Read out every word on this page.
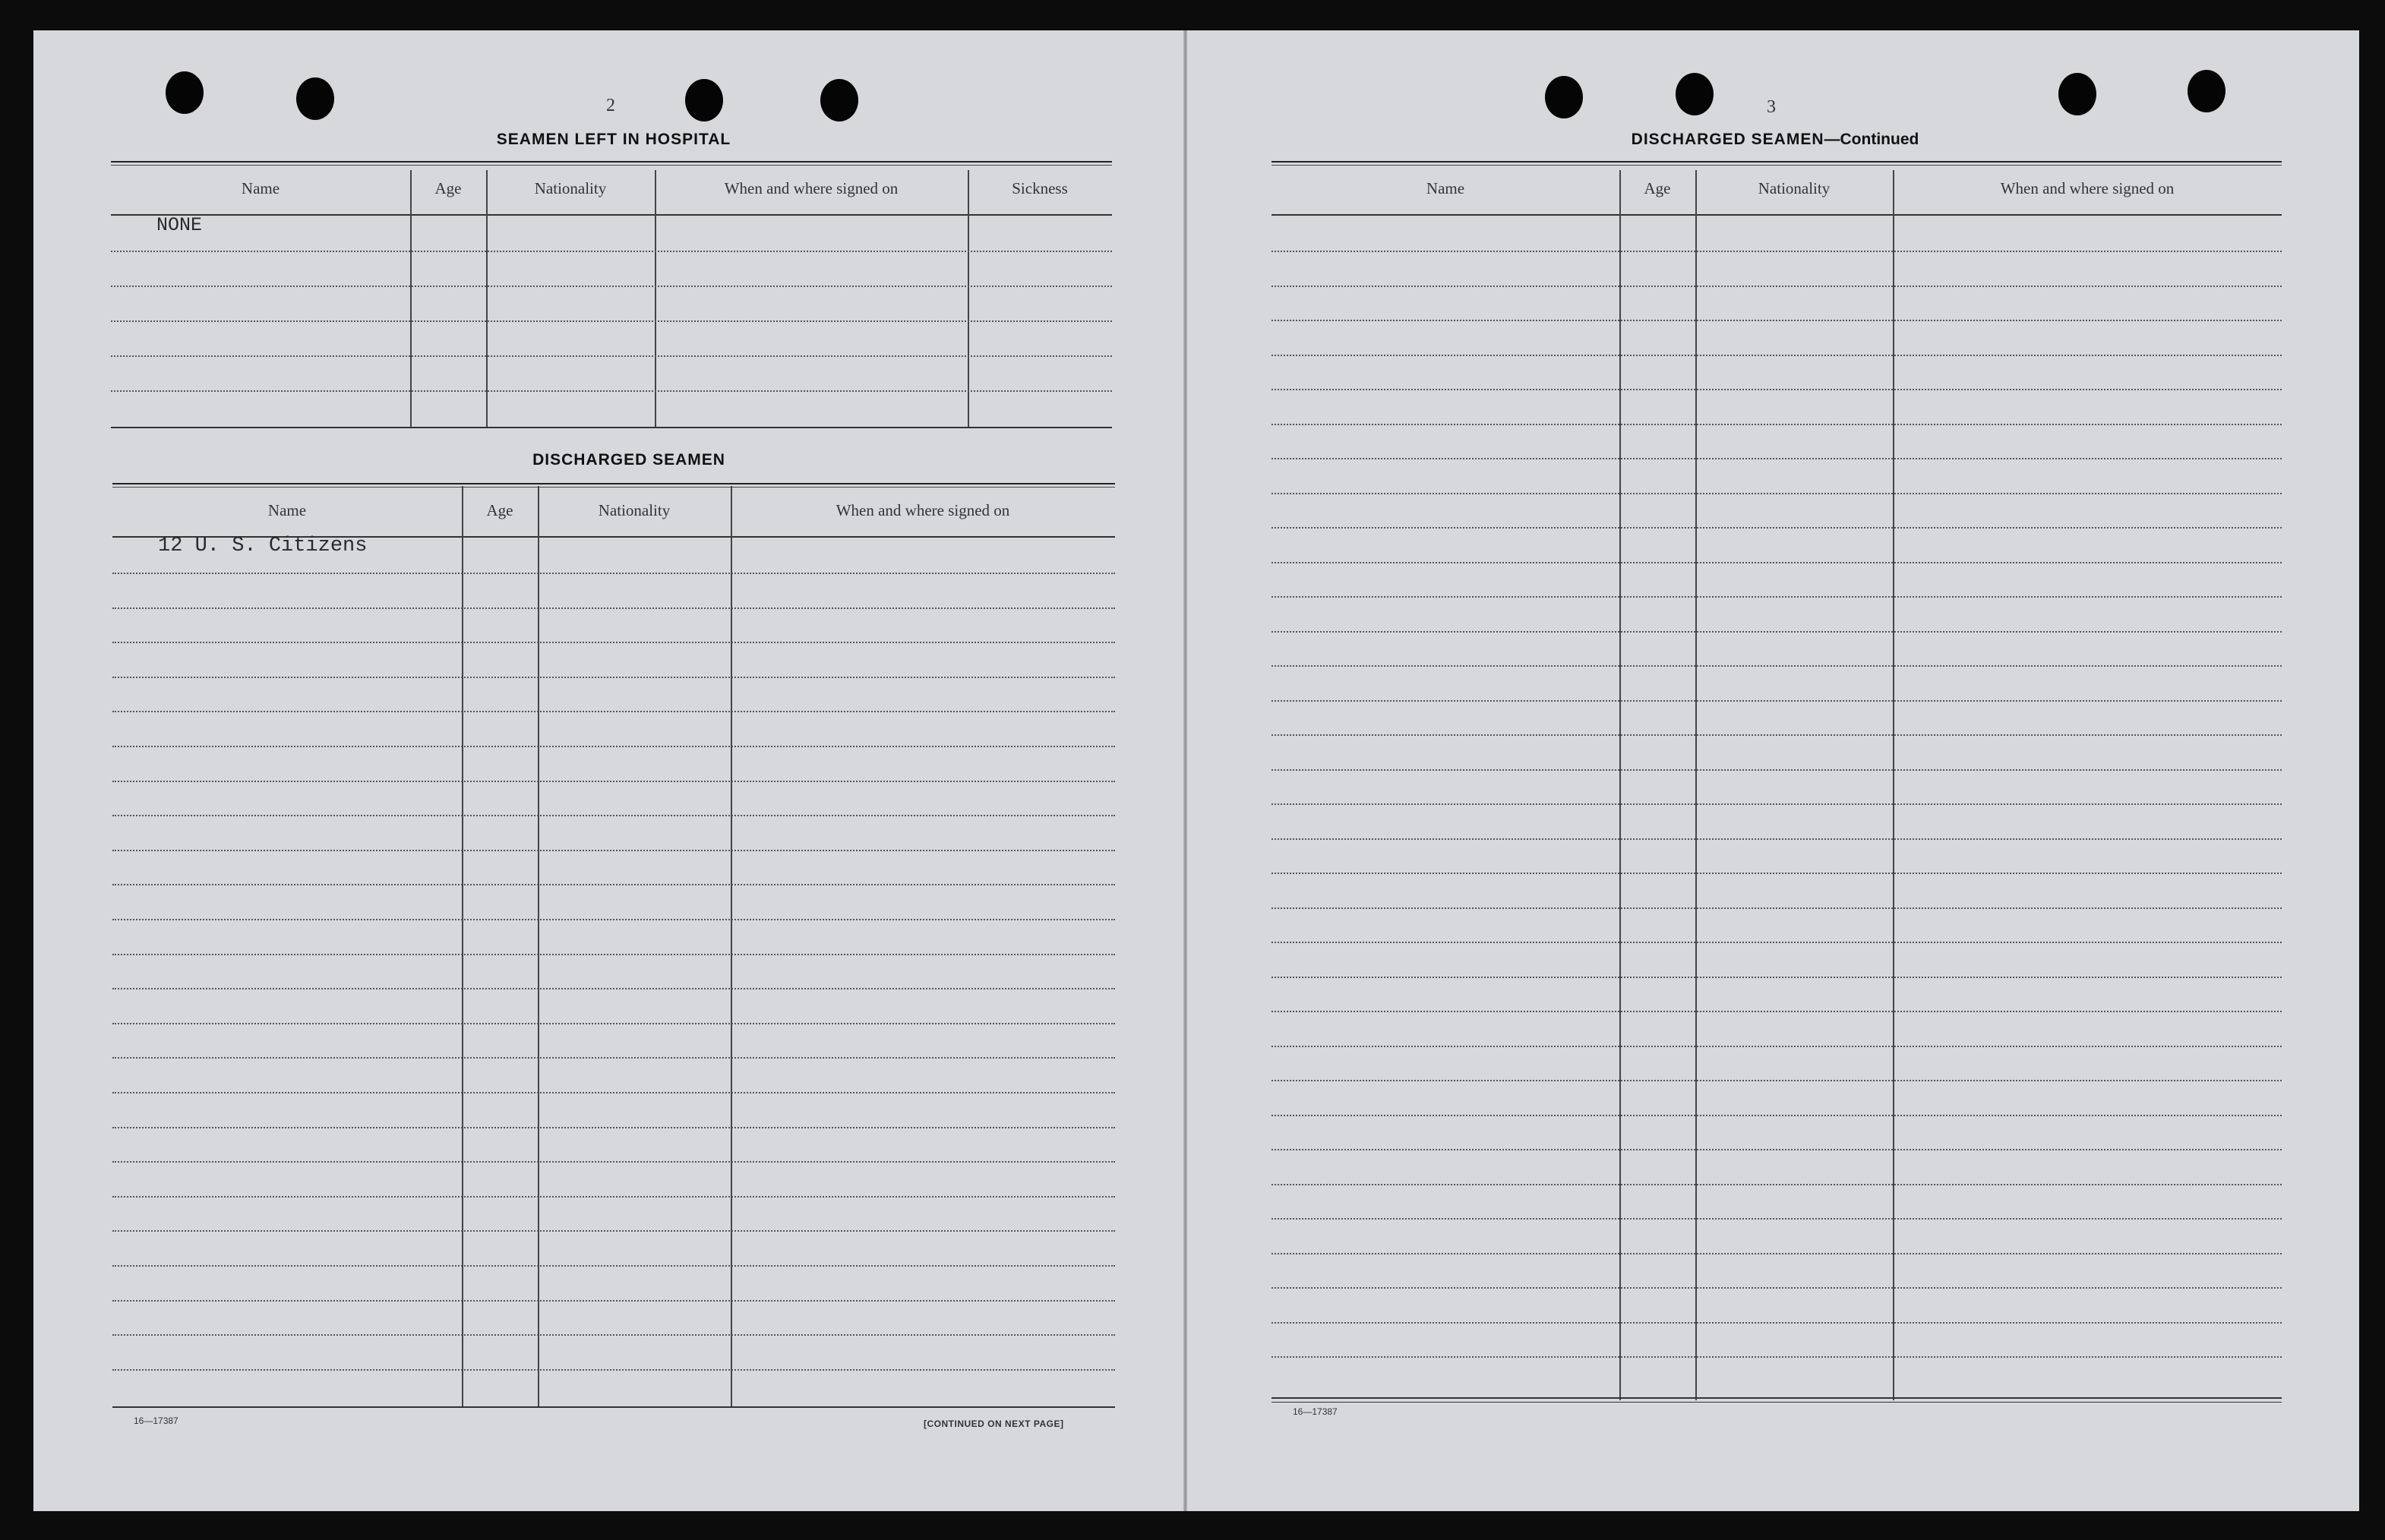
2
SEAMEN LEFT IN HOSPITAL
Name	Age	Nationality	When and where signed on	Sickness
NONE
DISCHARGED SEAMEN
Name	Age	Nationality	When and where signed on
12 U. S. Citizens
16—17387	[CONTINUED ON NEXT PAGE]
3
DISCHARGED SEAMEN—Continued
Name	Age	Nationality	When and where signed on
16—17387
